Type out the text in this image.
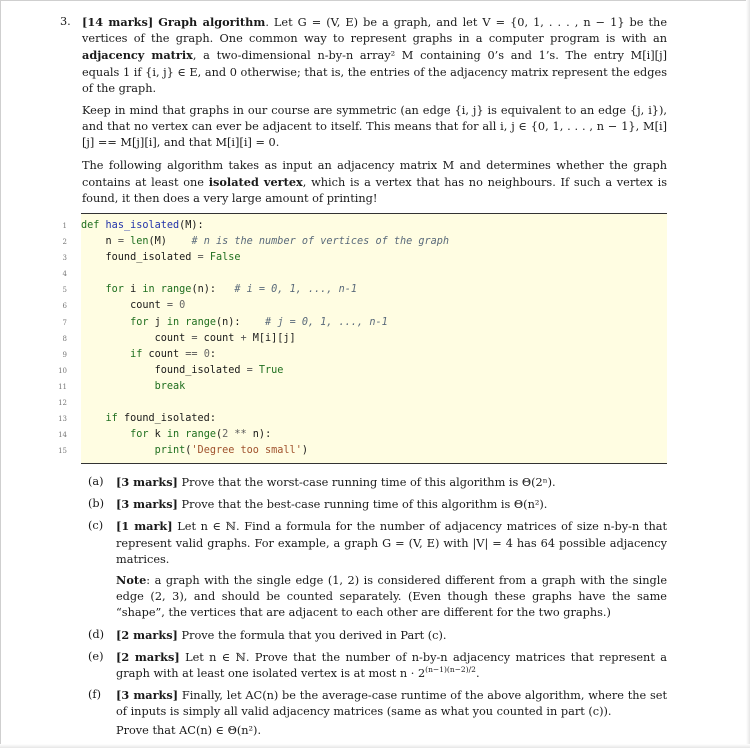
3. [14 marks] Graph algorithm. Let G = (V, E) be a graph, and let V = {0, 1, . . . , n − 1} be the vertices of the graph. One common way to represent graphs in a computer program is with an adjacency matrix, a two-dimensional n-by-n array² M containing 0’s and 1’s. The entry M[i][j] equals 1 if {i, j} ∈ E, and 0 otherwise; that is, the entries of the adjacency matrix represent the edges of the graph.

Keep in mind that graphs in our course are symmetric (an edge {i, j} is equivalent to an edge {j, i}), and that no vertex can ever be adjacent to itself. This means that for all i, j ∈ {0, 1, . . . , n − 1}, M[i][j] == M[j][i], and that M[i][i] = 0.

The following algorithm takes as input an adjacency matrix M and determines whether the graph contains at least one isolated vertex, which is a vertex that has no neighbours. If such a vertex is found, it then does a very large amount of printing!

1 def has_isolated(M):
2 n = len(M)    # n is the number of vertices of the graph
3 found_isolated = False
4
5 for i in range(n):   # i = 0, 1, ..., n-1
6 count = 0
7 for j in range(n):    # j = 0, 1, ..., n-1
8 count = count + M[i][j]
9 if count == 0:
10 found_isolated = True
11 break
12
13 if found_isolated:
14 for k in range(2 ** n):
15	print('Degree too small')
(a) [3 marks] Prove that the worst-case running time of this algorithm is Θ(2ⁿ).
(b) [3 marks] Prove that the best-case running time of this algorithm is Θ(n²).
(c) [1 mark] Let n ∈ ℕ. Find a formula for the number of adjacency matrices of size n-by-n that represent valid graphs. For example, a graph G = (V, E) with |V| = 4 has 64 possible adjacency matrices.
Note: a graph with the single edge (1, 2) is considered different from a graph with the single edge (2, 3), and should be counted separately. (Even though these graphs have the same “shape”, the vertices that are adjacent to each other are different for the two graphs.)
(d) [2 marks] Prove the formula that you derived in Part (c).
(e) [2 marks] Let n ∈ ℕ. Prove that the number of n-by-n adjacency matrices that represent a graph with at least one isolated vertex is at most $n \cdot 2^{(n-1)(n-2)/2}$.
(f) [3 marks] Finally, let AC(n) be the average-case runtime of the above algorithm, where the set of inputs is simply all valid adjacency matrices (same as what you counted in part (c)).
Prove that AC(n) ∈ Θ(n²).
